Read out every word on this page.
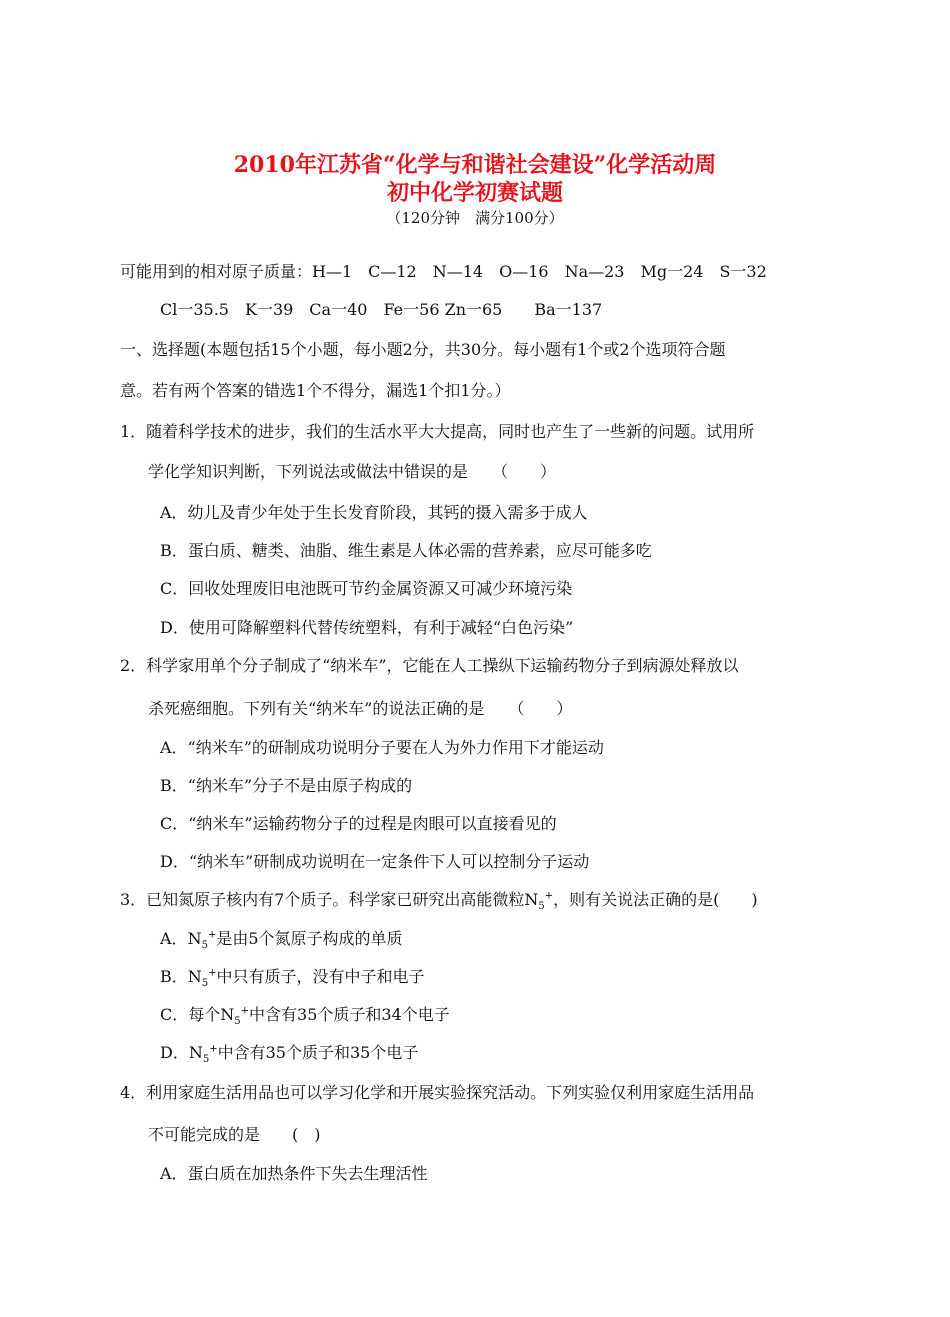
2010年江苏省“化学与和谐社会建设”化学活动周
初中化学初赛试题
（120分钟　满分100分）
可能用到的相对原子质量：H—1　C—12　N—14　O—16　Na—23　Mg一24　S一32
Cl一35.5　K一39　Ca一40　Fe一56 Zn一65　　Ba一137
一、选择题(本题包括15个小题，每小题2分，共30分。每小题有1个或2个选项符合题
意。若有两个答案的错选1个不得分，漏选1个扣1分。）
1．随着科学技术的进步，我们的生活水平大大提高，同时也产生了一些新的问题。试用所
学化学知识判断，下列说法或做法中错误的是　　（　　）
A．幼儿及青少年处于生长发育阶段，其钙的摄入需多于成人
B．蛋白质、糖类、油脂、维生素是人体必需的营养素，应尽可能多吃
C．回收处理废旧电池既可节约金属资源又可减少环境污染
D．使用可降解塑料代替传统塑料，有利于减轻“白色污染”
2．科学家用单个分子制成了“纳米车”，它能在人工操纵下运输药物分子到病源处释放以
杀死癌细胞。下列有关“纳米车”的说法正确的是　　（　　）
A．“纳米车”的研制成功说明分子要在人为外力作用下才能运动
B．“纳米车”分子不是由原子构成的
C．“纳米车”运输药物分子的过程是肉眼可以直接看见的
D．“纳米车”研制成功说明在一定条件下人可以控制分子运动
3．已知氮原子核内有7个质子。科学家已研究出高能微粒$N_5^+$，则有关说法正确的是(　　)
A．$N_5^+$是由5个氮原子构成的单质
B．$N_5^+$中只有质子，没有中子和电子
C．每个$N_5^+$中含有35个质子和34个电子
D．$N_5^+$中含有35个质子和35个电子
4．利用家庭生活用品也可以学习化学和开展实验探究活动。下列实验仅利用家庭生活用品
不可能完成的是　　(　)
A．蛋白质在加热条件下失去生理活性
